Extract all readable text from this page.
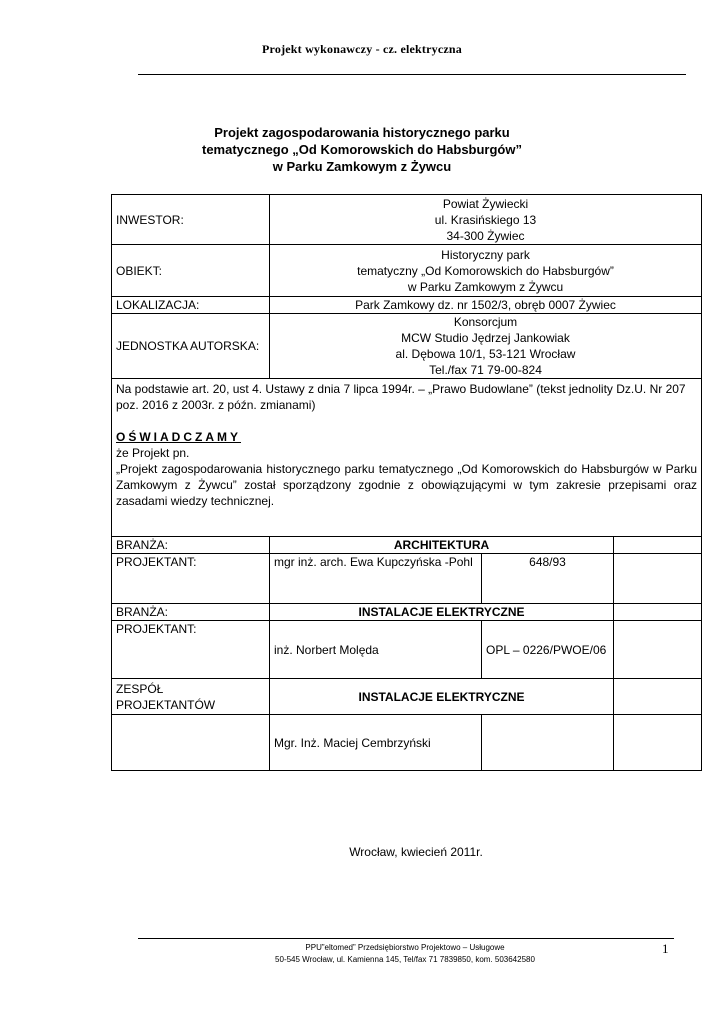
Projekt wykonawczy - cz. elektryczna
Projekt zagospodarowania historycznego parku
tematycznego „Od Komorowskich do Habsburgów”
w Parku Zamkowym z Żywcu
INWESTOR:	Powiat Żywiecki
ul. Krasińskiego 13
34-300 Żywiec		

OBIEKT:	Historyczny park
tematyczny „Od Komorowskich do Habsburgów”
w Parku Zamkowym z Żywcu		

LOKALIZACJA:	Park Zamkowy dz. nr 1502/3, obręb 0007 Żywiec		
JEDNOSTKA AUTORSKA:	Konsorcjum
MCW Studio Jędrzej Jankowiak
al. Dębowa 10/1, 53-121 Wrocław
Tel./fax 71 79-00-824		

Na podstawie art. 20, ust 4. Ustawy z dnia 7 lipca 1994r. – „Prawo Budowlane” (tekst jednolity Dz.U. Nr 207

poz. 2016 z 2003r. z późn. zmianami)

OŚWIADCZAMY

że Projekt pn.

„Projekt zagospodarowania historycznego parku tematycznego „Od Komorowskich do Habsburgów w Parku Zamkowym z Żywcu” został sporządzony zgodnie z obowiązującymi w tym zakresie przepisami oraz zasadami wiedzy technicznej.			

BRANŻA:	ARCHITEKTURA		
PROJEKTANT:	mgr inż. arch. Ewa Kupczyńska -Pohl	648/93	
BRANŻA:	INSTALACJE ELEKTRYCZNE		
PROJEKTANT:	inż. Norbert Molęda	OPL – 0226/PWOE/06	

ZESPÓŁ
PROJEKTANTÓW	INSTALACJE ELEKTRYCZNE		
	Mgr. Inż. Maciej Cembrzyński		
Wrocław, kwiecień 2011r.
PPU”eltomed” Przedsiębiorstwo Projektowo – Usługowe
50-545 Wrocław, ul. Kamienna 145, Tel/fax 71 7839850, kom. 503642580
1
